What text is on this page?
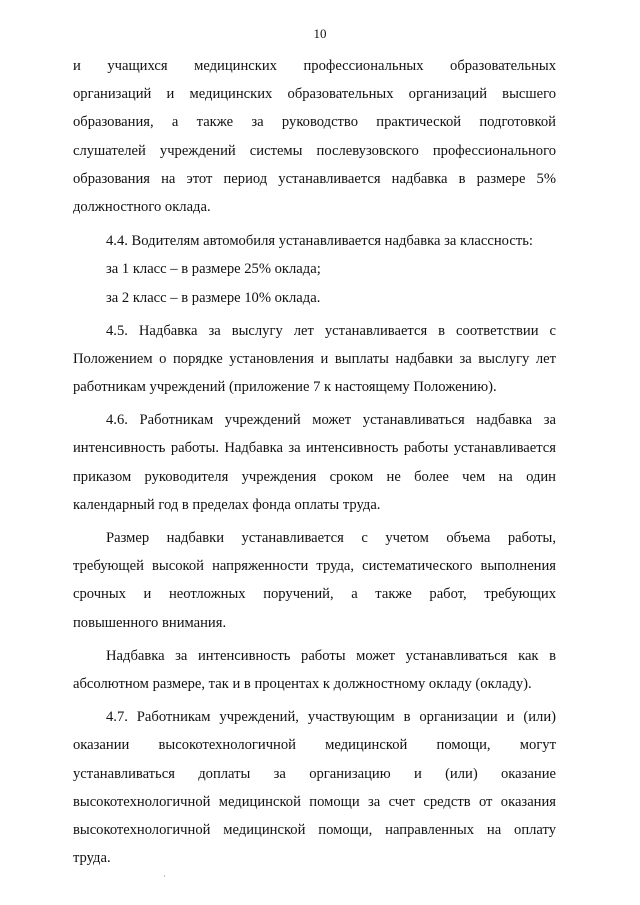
10
и учащихся медицинских профессиональных образовательных
организаций и медицинских образовательных организаций высшего
образования, а также за руководство практической подготовкой
слушателей учреждений системы послевузовского профессионального
образования на этот период устанавливается надбавка в размере 5%
должностного оклада.
4.4. Водителям автомобиля устанавливается надбавка за классность:
за 1 класс – в размере 25% оклада;
за 2 класс – в размере 10% оклада.
4.5. Надбавка за выслугу лет устанавливается в соответствии с
Положением о порядке установления и выплаты надбавки за выслугу лет
работникам учреждений (приложение 7 к настоящему Положению).
4.6. Работникам учреждений может устанавливаться надбавка за
интенсивность работы. Надбавка за интенсивность работы устанавливается
приказом руководителя учреждения сроком не более чем на один
календарный год в пределах фонда оплаты труда.
Размер надбавки устанавливается с учетом объема работы,
требующей высокой напряженности труда, систематического выполнения
срочных и неотложных поручений, а также работ, требующих
повышенного внимания.
Надбавка за интенсивность работы может устанавливаться как в
абсолютном размере, так и в процентах к должностному окладу (окладу).
4.7. Работникам учреждений, участвующим в организации и (или)
оказании высокотехнологичной медицинской помощи, могут
устанавливаться доплаты за организацию и (или) оказание
высокотехнологичной медицинской помощи за счет средств от оказания
высокотехнологичной медицинской помощи, направленных на оплату
труда.
